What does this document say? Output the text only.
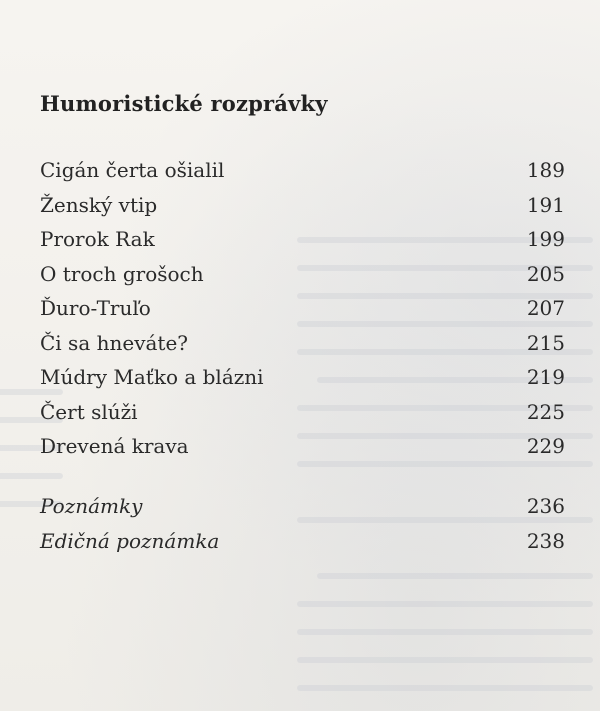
Humoristické rozprávky
Cigán čerta ošialil	189
Ženský vtip	191
Prorok Rak	199
O troch grošoch	205
Ďuro-Truľo	207
Či sa hneváte?	215
Múdry Maťko a blázni	219
Čert slúži	225
Drevená krava	229
Poznámky	236
Edičná poznámka	238
